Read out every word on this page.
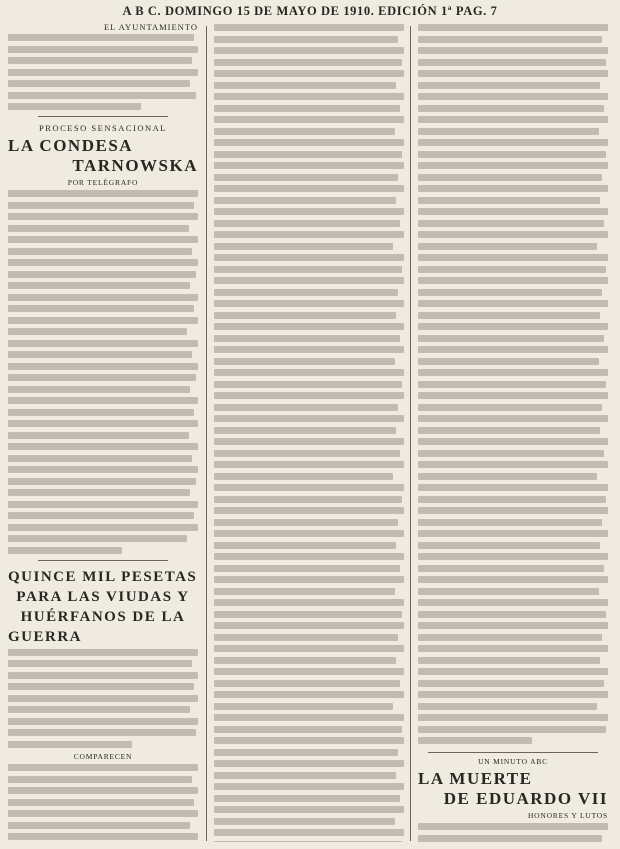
A B C. DOMINGO 15 DE MAYO DE 1910. EDICIÓN 1ª PAG. 7
EL AYUNTAMIENTO
PROCESO SENSACIONAL
LA CONDESA
TARNOWSKA
POR TELÉGRAFO
QUINCE MIL PESETAS
PARA LAS VIUDAS Y
HUÉRFANOS DE LA
GUERRA
COMPARECEN
UN MINUTO ABC
LA MUERTE
DE EDUARDO VII
HONORES Y LUTOS
